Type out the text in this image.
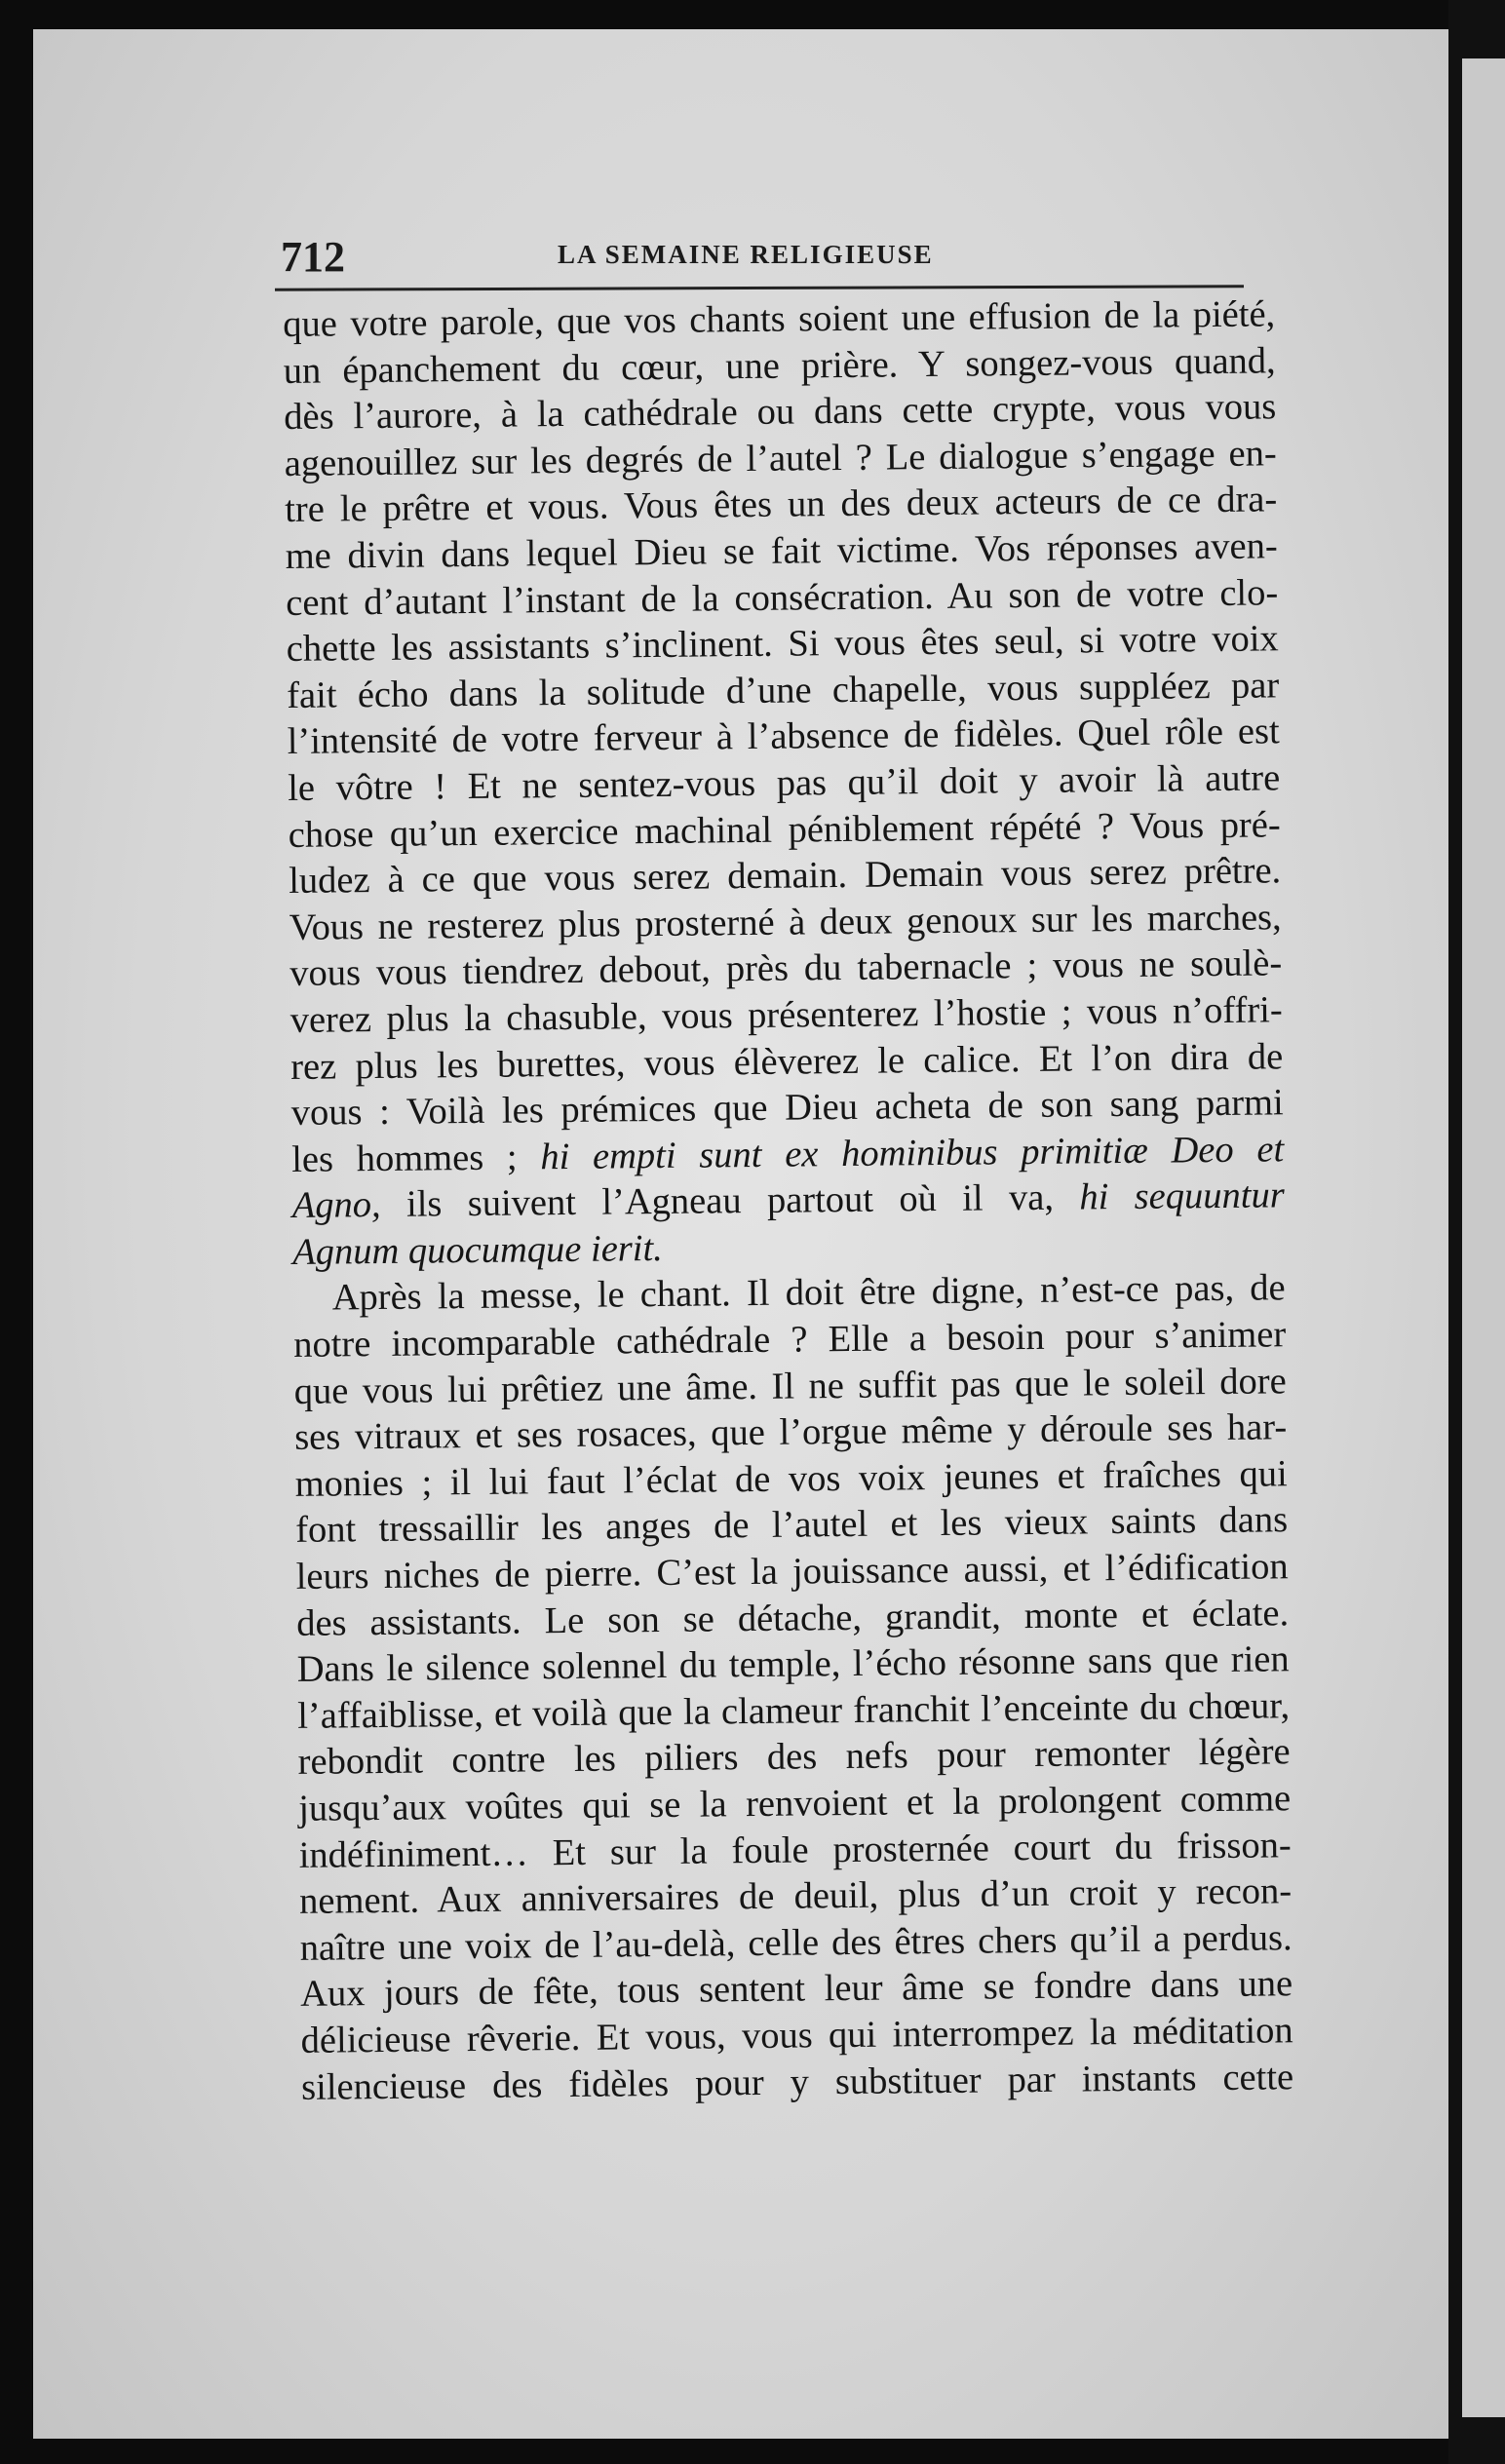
712	LA SEMAINE RELIGIEUSE
que votre parole, que vos chants soient une effusion de la piété,
un épanchement du cœur, une prière. Y songez-vous quand,
dès l’aurore, à la cathédrale ou dans cette crypte, vous vous
agenouillez sur les degrés de l’autel ? Le dialogue s’engage en-
tre le prêtre et vous. Vous êtes un des deux acteurs de ce dra-
me divin dans lequel Dieu se fait victime. Vos réponses aven-
cent d’autant l’instant de la consécration. Au son de votre clo-
chette les assistants s’inclinent. Si vous êtes seul, si votre voix
fait écho dans la solitude d’une chapelle, vous suppléez par
l’intensité de votre ferveur à l’absence de fidèles. Quel rôle est
le vôtre ! Et ne sentez-vous pas qu’il doit y avoir là autre
chose qu’un exercice machinal péniblement répété ? Vous pré-
ludez à ce que vous serez demain. Demain vous serez prêtre.
Vous ne resterez plus prosterné à deux genoux sur les marches,
vous vous tiendrez debout, près du tabernacle ; vous ne soulè-
verez plus la chasuble, vous présenterez l’hostie ; vous n’offri-
rez plus les burettes, vous élèverez le calice. Et l’on dira de
vous : Voilà les prémices que Dieu acheta de son sang parmi
les hommes ; hi empti sunt ex hominibus primitiæ Deo et
Agno, ils suivent l’Agneau partout où il va, hi sequuntur
Agnum quocumque ierit.
Après la messe, le chant. Il doit être digne, n’est-ce pas, de
notre incomparable cathédrale ? Elle a besoin pour s’animer
que vous lui prêtiez une âme. Il ne suffit pas que le soleil dore
ses vitraux et ses rosaces, que l’orgue même y déroule ses har-
monies ; il lui faut l’éclat de vos voix jeunes et fraîches qui
font tressaillir les anges de l’autel et les vieux saints dans
leurs niches de pierre. C’est la jouissance aussi, et l’édification
des assistants. Le son se détache, grandit, monte et éclate.
Dans le silence solennel du temple, l’écho résonne sans que rien
l’affaiblisse, et voilà que la clameur franchit l’enceinte du chœur,
rebondit contre les piliers des nefs pour remonter légère
jusqu’aux voûtes qui se la renvoient et la prolongent comme
indéfiniment… Et sur la foule prosternée court du frisson-
nement. Aux anniversaires de deuil, plus d’un croit y recon-
naître une voix de l’au-delà, celle des êtres chers qu’il a perdus.
Aux jours de fête, tous sentent leur âme se fondre dans une
délicieuse rêverie. Et vous, vous qui interrompez la méditation
silencieuse des fidèles pour y substituer par instants cette
